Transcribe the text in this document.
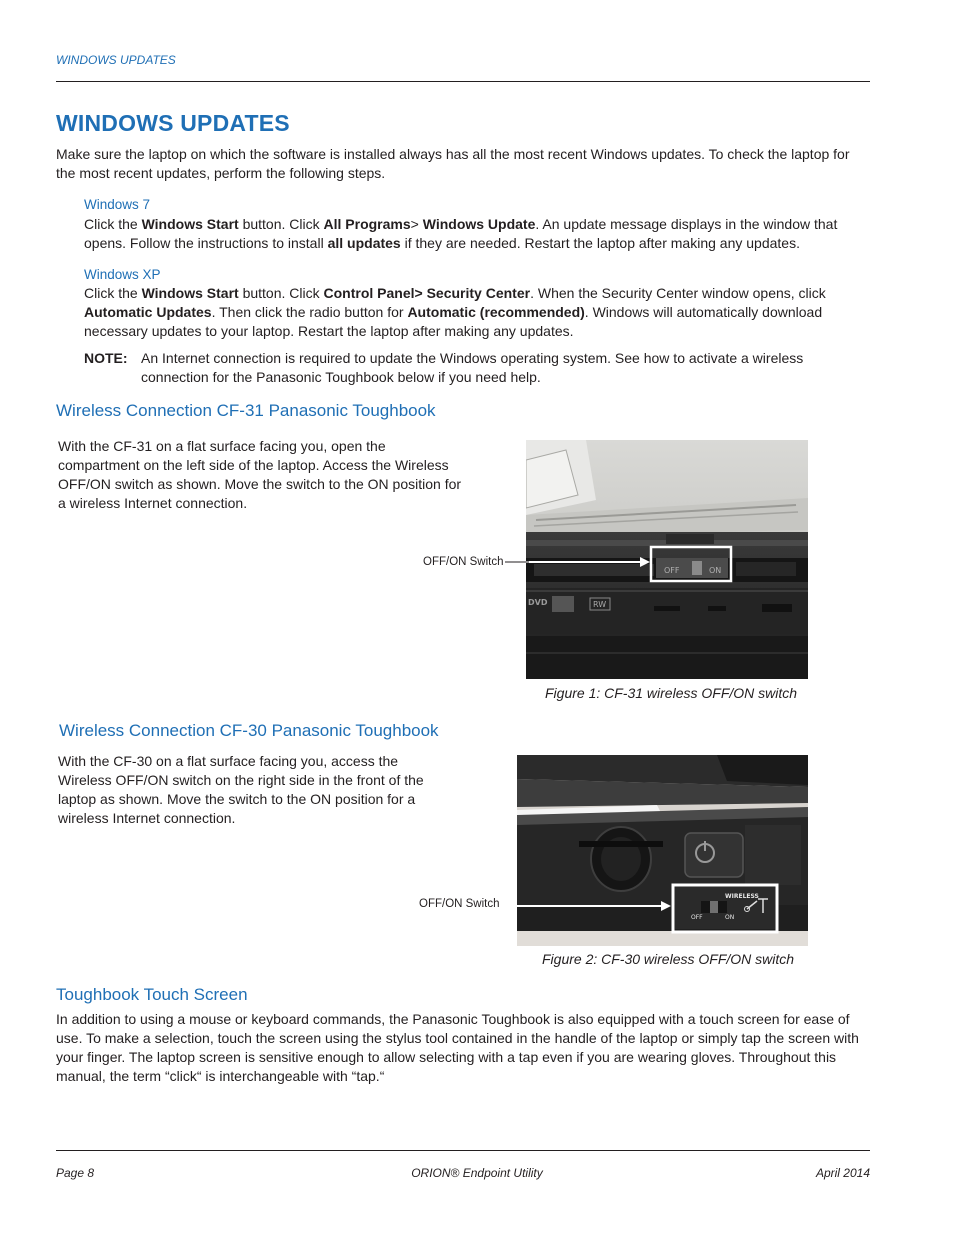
WINDOWS UPDATES
WINDOWS UPDATES

Make sure the laptop on which the software is installed always has all the most recent Windows updates. To check the laptop for the most recent updates, perform the following steps.

Windows 7

Click the Windows Start button. Click All Programs> Windows Update. An update message displays in the window that opens. Follow the instructions to install all updates if they are needed. Restart the laptop after making any updates.

Windows XP

Click the Windows Start button. Click Control Panel> Security Center. When the Security Center window opens, click Automatic Updates. Then click the radio button for Automatic (recommended). Windows will automatically download necessary updates to your laptop. Restart the laptop after making any updates.

NOTE: An Internet connection is required to update the Windows operating system. See how to activate a wireless connection for the Panasonic Toughbook below if you need help.

Wireless Connection CF-31 Panasonic Toughbook

With the CF-31 on a flat surface facing you, open the compartment on the left side of the laptop. Access the Wireless OFF/ON switch as shown. Move the switch to the ON position for a wireless Internet connection.

OFF/ON Switch
OFF	ON
DVD	RW
Figure 1: CF-31 wireless OFF/ON switch
Wireless Connection CF-30 Panasonic Toughbook

With the CF-30 on a flat surface facing you, access the Wireless OFF/ON switch on the right side in the front of the laptop as shown. Move the switch to the ON position for a wireless Internet connection.

OFF/ON Switch
WIRELESS
OFF	ON
Figure 2: CF-30 wireless OFF/ON switch
Toughbook Touch Screen

In addition to using a mouse or keyboard commands, the Panasonic Toughbook is also equipped with a touch screen for ease of use. To make a selection, touch the screen using the stylus tool contained in the handle of the laptop or simply tap the screen with your finger. The laptop screen is sensitive enough to allow selecting with a tap even if you are wearing gloves. Throughout this manual, the term “click“ is interchangeable with “tap.“

Page 8	ORION® Endpoint Utility	April 2014
